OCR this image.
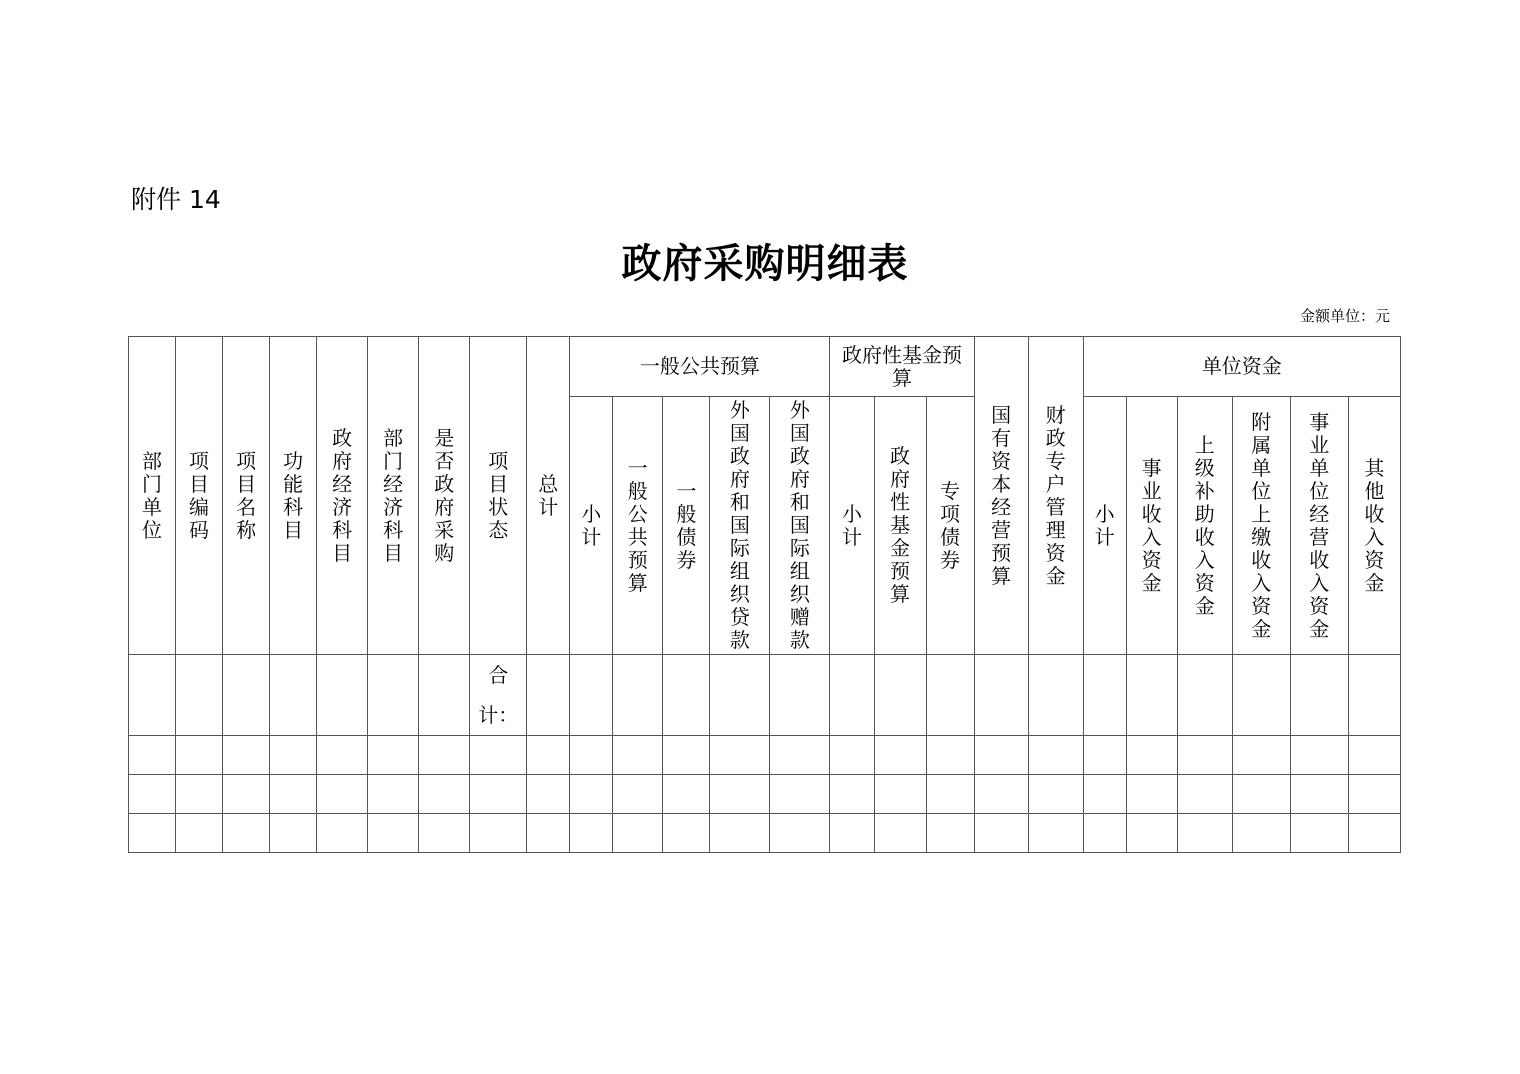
附件 14
政府采购明细表
金额单位：元
部门单位	项目编码	项目名称	功能科目	政府经济科目	部门经济科目	是否政府采购	项目状态	总计	一般公共预算					政府性基金预算			国有资本经营预算	财政专户管理资金	单位资金					
									小计	一般公共预算	一般债券	外国政府和国际组织贷款	外国政府和国际组织赠款	小计	政府性基金预算	专项债券			小计	事业收入资金	上级补助收入资金	附属单位上缴收入资金	事业单位经营收入资金	其他收入资金
							合
计：																	
